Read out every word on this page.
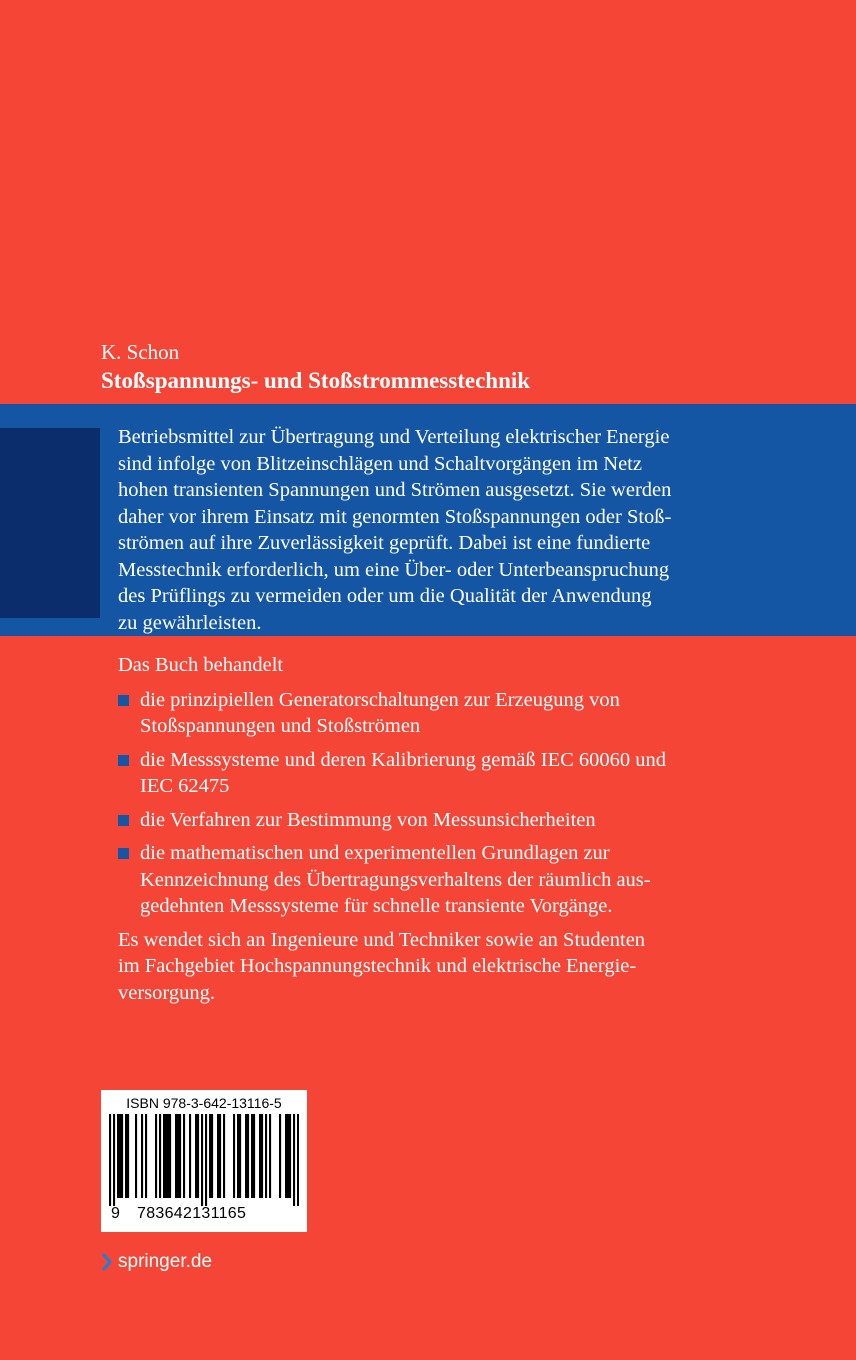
K. Schon
Stoßspannungs- und Stoßstrommesstechnik
Betriebsmittel zur Übertragung und Verteilung elektrischer Energie
sind infolge von Blitzeinschlägen und Schaltvorgängen im Netz
hohen transienten Spannungen und Strömen ausgesetzt. Sie werden
daher vor ihrem Einsatz mit genormten Stoßspannungen oder Stoß-
strömen auf ihre Zuverlässigkeit geprüft. Dabei ist eine fundierte
Messtechnik erforderlich, um eine Über- oder Unterbeanspruchung
des Prüflings zu vermeiden oder um die Qualität der Anwendung
zu gewährleisten.
Das Buch behandelt
die prinzipiellen Generatorschaltungen zur Erzeugung von
Stoßspannungen und Stoßströmen
die Messsysteme und deren Kalibrierung gemäß IEC 60060 und
IEC 62475
die Verfahren zur Bestimmung von Messunsicherheiten
die mathematischen und experimentellen Grundlagen zur
Kennzeichnung des Übertragungsverhaltens der räumlich aus-
gedehnten Messsysteme für schnelle transiente Vorgänge.
Es wendet sich an Ingenieure und Techniker sowie an Studenten
im Fachgebiet Hochspannungstechnik und elektrische Energie-
versorgung.
ISBN 978-3-642-13116-5
9 783642131165
springer.de
